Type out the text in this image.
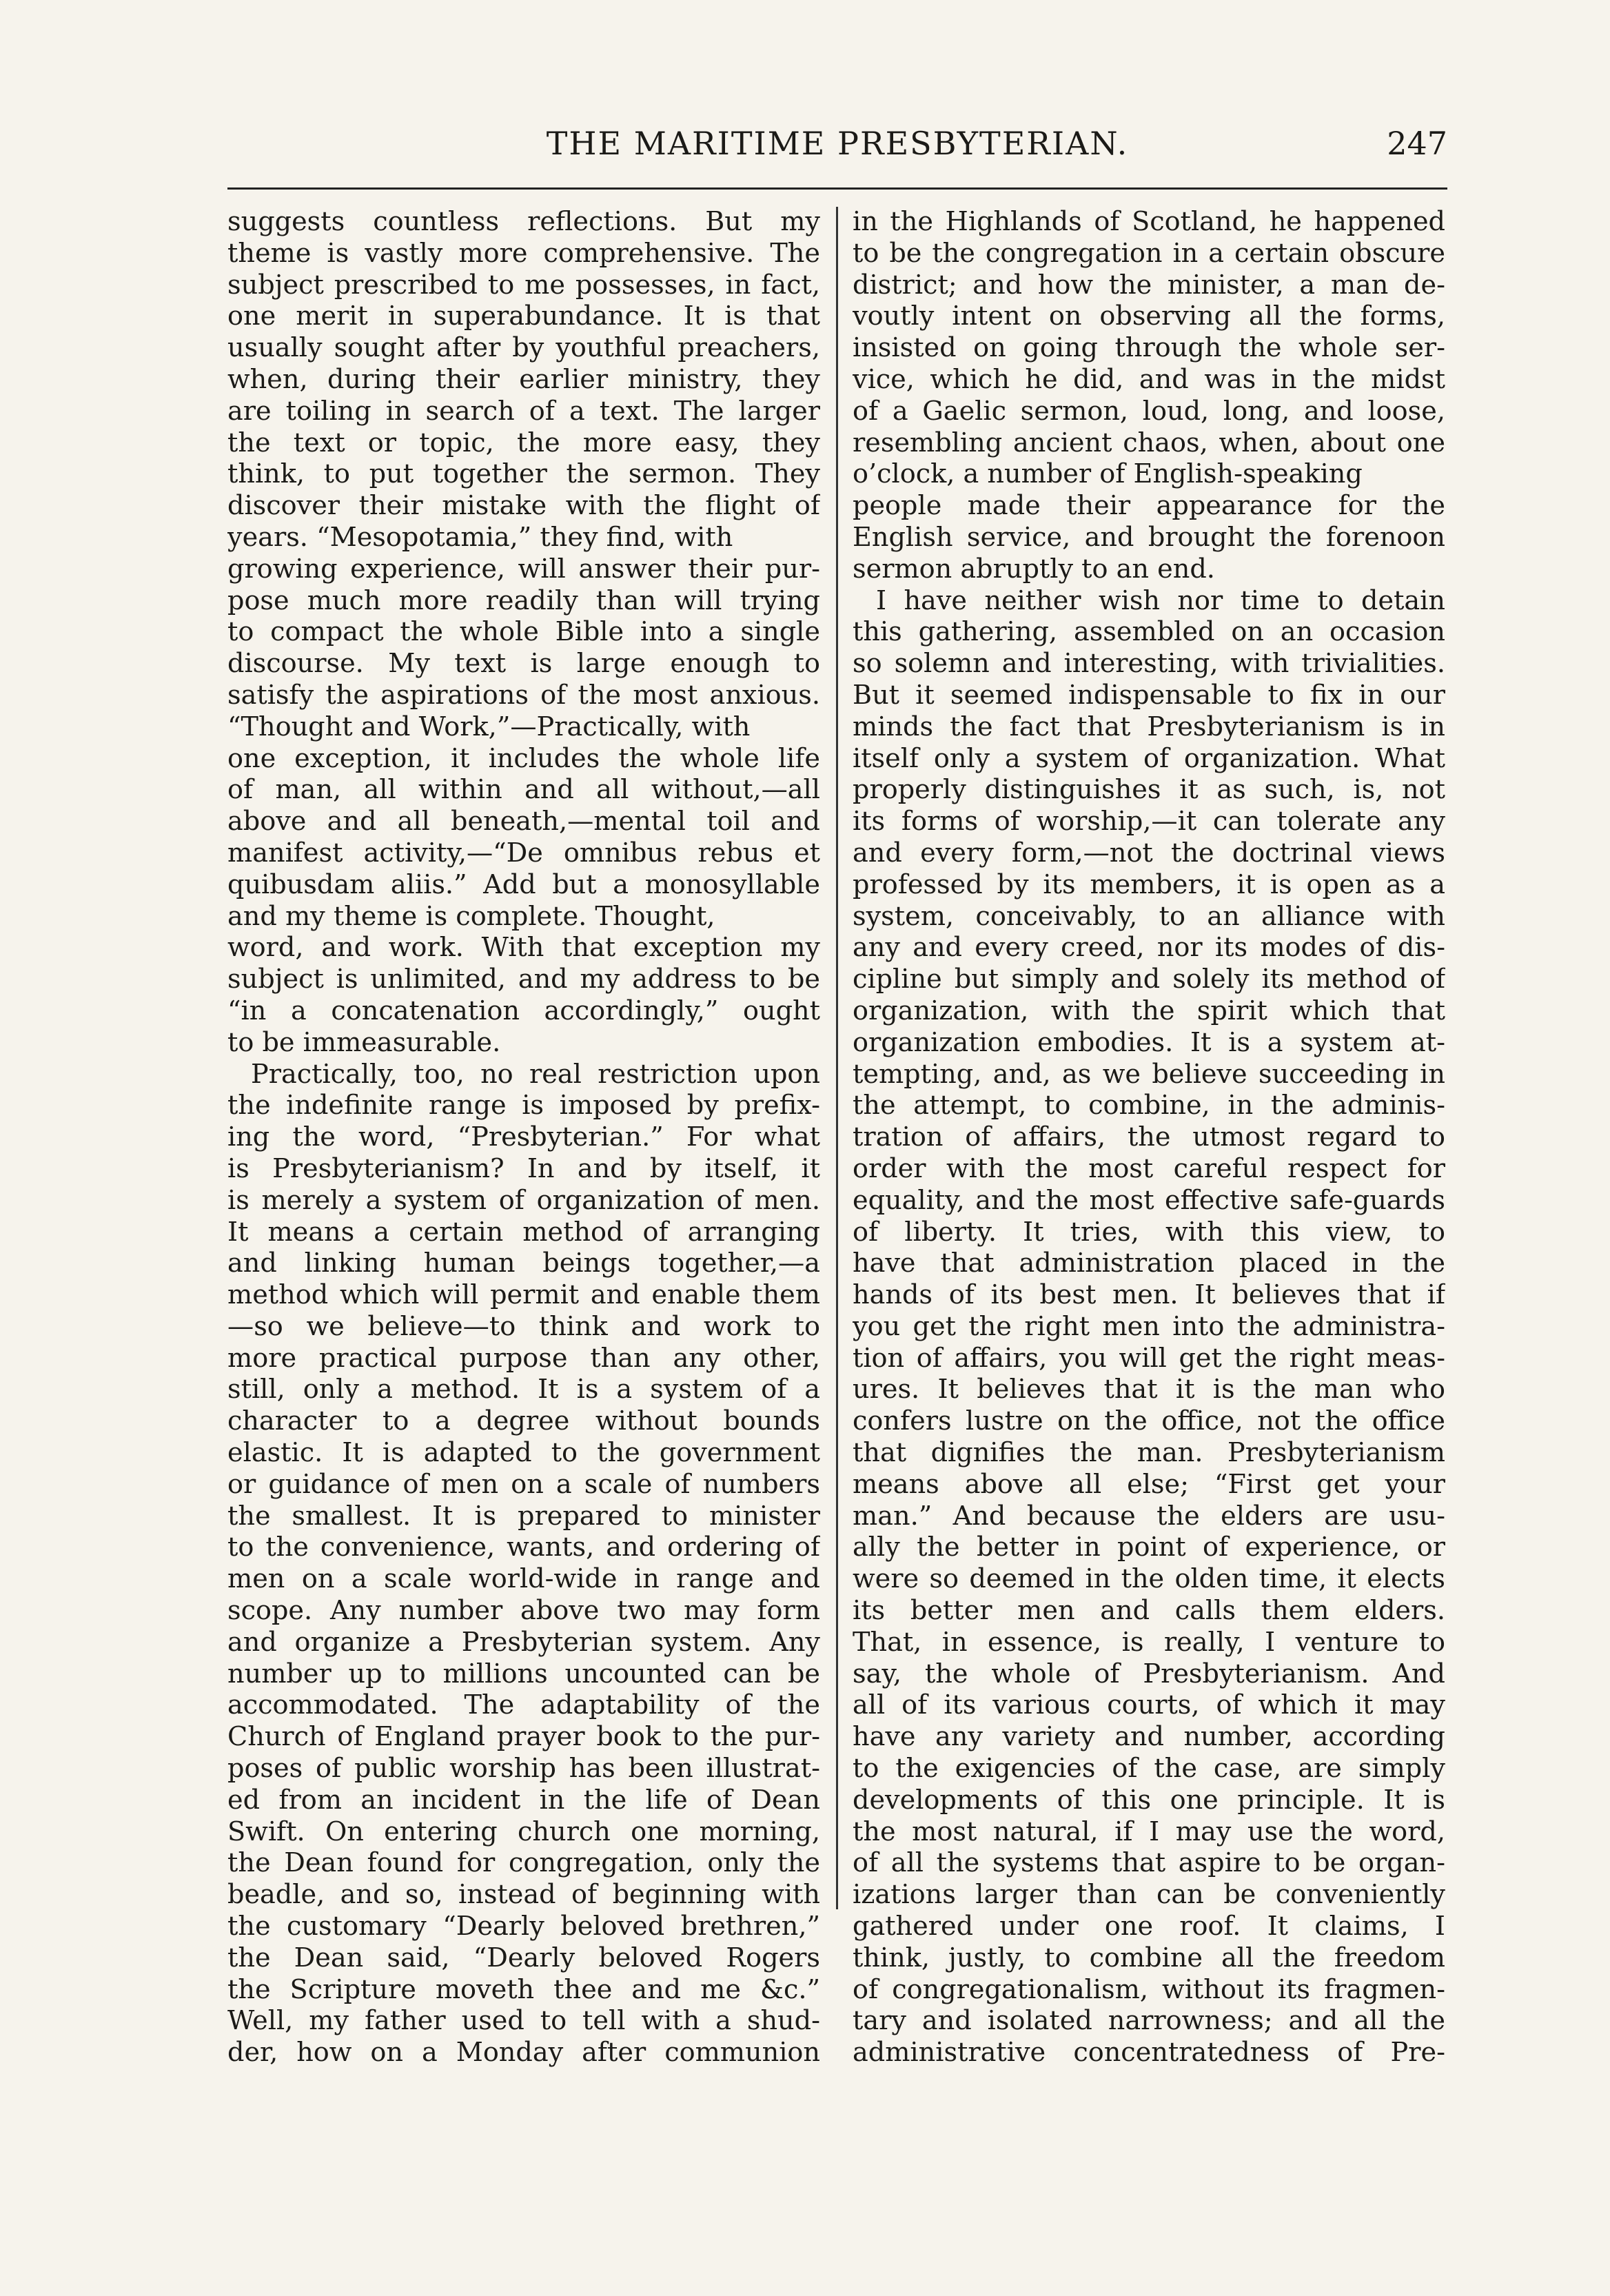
THE MARITIME PRESBYTERIAN.	247
suggests countless reflections. But my
theme is vastly more comprehensive. The
subject prescribed to me possesses, in fact,
one merit in superabundance. It is that
usually sought after by youthful preachers,
when, during their earlier ministry, they
are toiling in search of a text. The larger
the text or topic, the more easy, they
think, to put together the sermon. They
discover their mistake with the flight of
years. “Mesopotamia,” they find, with
growing experience, will answer their pur-
pose much more readily than will trying
to compact the whole Bible into a single
discourse. My text is large enough to
satisfy the aspirations of the most anxious.
“Thought and Work,”—Practically, with
one exception, it includes the whole life
of man, all within and all without,—all
above and all beneath,—mental toil and
manifest activity,—“De omnibus rebus et
quibusdam aliis.” Add but a monosyllable
and my theme is complete. Thought,
word, and work. With that exception my
subject is unlimited, and my address to be
“in a concatenation accordingly,” ought
to be immeasurable.
Practically, too, no real restriction upon
the indefinite range is imposed by prefix-
ing the word, “Presbyterian.” For what
is Presbyterianism? In and by itself, it
is merely a system of organization of men.
It means a certain method of arranging
and linking human beings together,—a
method which will permit and enable them
—so we believe—to think and work to
more practical purpose than any other,
still, only a method. It is a system of a
character to a degree without bounds
elastic. It is adapted to the government
or guidance of men on a scale of numbers
the smallest. It is prepared to minister
to the convenience, wants, and ordering of
men on a scale world-wide in range and
scope. Any number above two may form
and organize a Presbyterian system. Any
number up to millions uncounted can be
accommodated. The adaptability of the
Church of England prayer book to the pur-
poses of public worship has been illustrat-
ed from an incident in the life of Dean
Swift. On entering church one morning,
the Dean found for congregation, only the
beadle, and so, instead of beginning with
the customary “Dearly beloved brethren,”
the Dean said, “Dearly beloved Rogers
the Scripture moveth thee and me &c.”
Well, my father used to tell with a shud-
der, how on a Monday after communion
in the Highlands of Scotland, he happened
to be the congregation in a certain obscure
district; and how the minister, a man de-
voutly intent on observing all the forms,
insisted on going through the whole ser-
vice, which he did, and was in the midst
of a Gaelic sermon, loud, long, and loose,
resembling ancient chaos, when, about one
o’clock, a number of English-speaking
people made their appearance for the
English service, and brought the forenoon
sermon abruptly to an end.
I have neither wish nor time to detain
this gathering, assembled on an occasion
so solemn and interesting, with trivialities.
But it seemed indispensable to fix in our
minds the fact that Presbyterianism is in
itself only a system of organization. What
properly distinguishes it as such, is, not
its forms of worship,—it can tolerate any
and every form,—not the doctrinal views
professed by its members, it is open as a
system, conceivably, to an alliance with
any and every creed, nor its modes of dis-
cipline but simply and solely its method of
organization, with the spirit which that
organization embodies. It is a system at-
tempting, and, as we believe succeeding in
the attempt, to combine, in the adminis-
tration of affairs, the utmost regard to
order with the most careful respect for
equality, and the most effective safe-guards
of liberty. It tries, with this view, to
have that administration placed in the
hands of its best men. It believes that if
you get the right men into the administra-
tion of affairs, you will get the right meas-
ures. It believes that it is the man who
confers lustre on the office, not the office
that dignifies the man. Presbyterianism
means above all else; “First get your
man.” And because the elders are usu-
ally the better in point of experience, or
were so deemed in the olden time, it elects
its better men and calls them elders.
That, in essence, is really, I venture to
say, the whole of Presbyterianism. And
all of its various courts, of which it may
have any variety and number, according
to the exigencies of the case, are simply
developments of this one principle. It is
the most natural, if I may use the word,
of all the systems that aspire to be organ-
izations larger than can be conveniently
gathered under one roof. It claims, I
think, justly, to combine all the freedom
of congregationalism, without its fragmen-
tary and isolated narrowness; and all the
administrative concentratedness of Pre-
